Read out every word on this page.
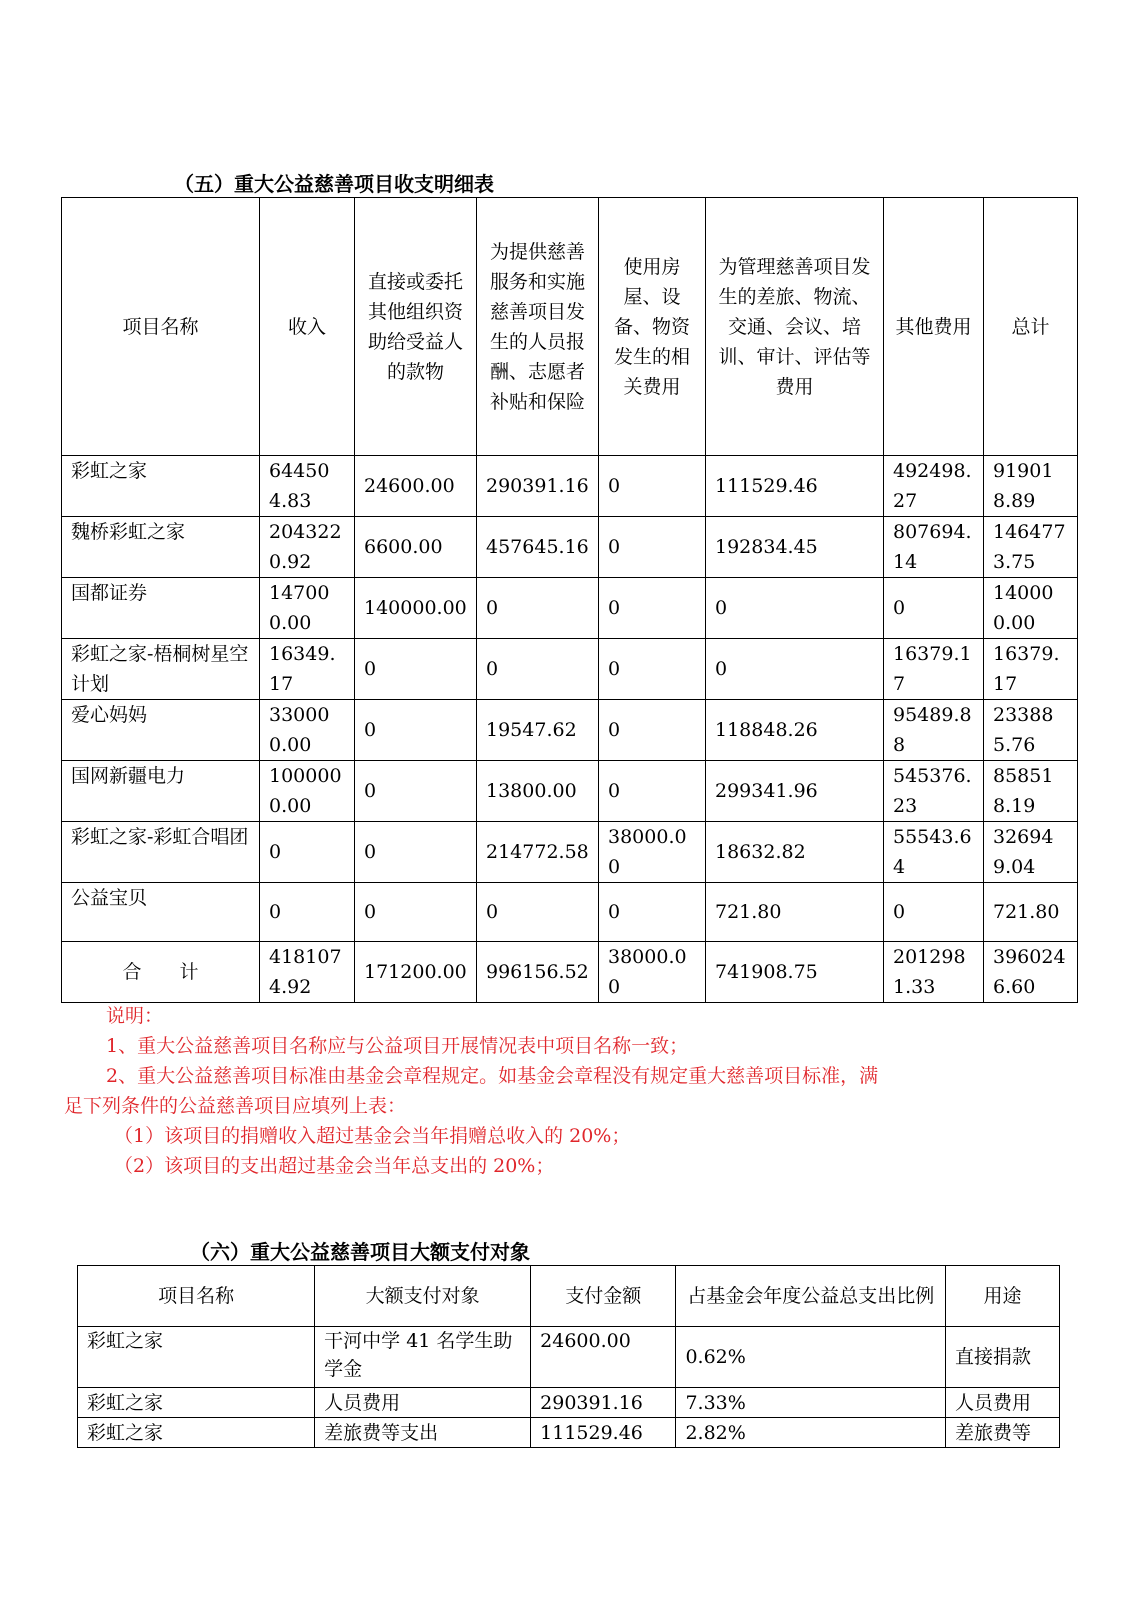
（五）重大公益慈善项目收支明细表
项目名称	收入	直接或委托其他组织资助给受益人的款物	为提供慈善服务和实施慈善项目发生的人员报酬、志愿者补贴和保险	使用房屋、设备、物资发生的相关费用	为管理慈善项目发生的差旅、物流、交通、会议、培训、审计、评估等费用	其他费用	总计
彩虹之家	644504.83	24600.00	290391.16	0	111529.46	492498.27	919018.89
魏桥彩虹之家	2043220.92	6600.00	457645.16	0	192834.45	807694.14	1464773.75
国都证券	147000.00	140000.00	0	0	0	0	140000.00
彩虹之家-梧桐树星空计划	16349.17	0	0	0	0	16379.17	16379.17
爱心妈妈	330000.00	0	19547.62	0	118848.26	95489.88	233885.76
国网新疆电力	1000000.00	0	13800.00	0	299341.96	545376.23	858518.19
彩虹之家-彩虹合唱团	0	0	214772.58	38000.00	18632.82	55543.64	326949.04
公益宝贝	0	0	0	0	721.80	0	721.80
合　　计	4181074.92	171200.00	996156.52	38000.00	741908.75	2012981.33	3960246.60

说明：

1、重大公益慈善项目名称应与公益项目开展情况表中项目名称一致；

2、重大公益慈善项目标准由基金会章程规定。如基金会章程没有规定重大慈善项目标准，满

足下列条件的公益慈善项目应填列上表：

（1）该项目的捐赠收入超过基金会当年捐赠总收入的 20%；

（2）该项目的支出超过基金会当年总支出的 20%；

（六）重大公益慈善项目大额支付对象
项目名称	大额支付对象	支付金额	占基金会年度公益总支出比例	用途
彩虹之家	干河中学 41 名学生助学金	24600.00	0.62%	直接捐款
彩虹之家	人员费用	290391.16	7.33%	人员费用
彩虹之家	差旅费等支出	111529.46	2.82%	差旅费等
